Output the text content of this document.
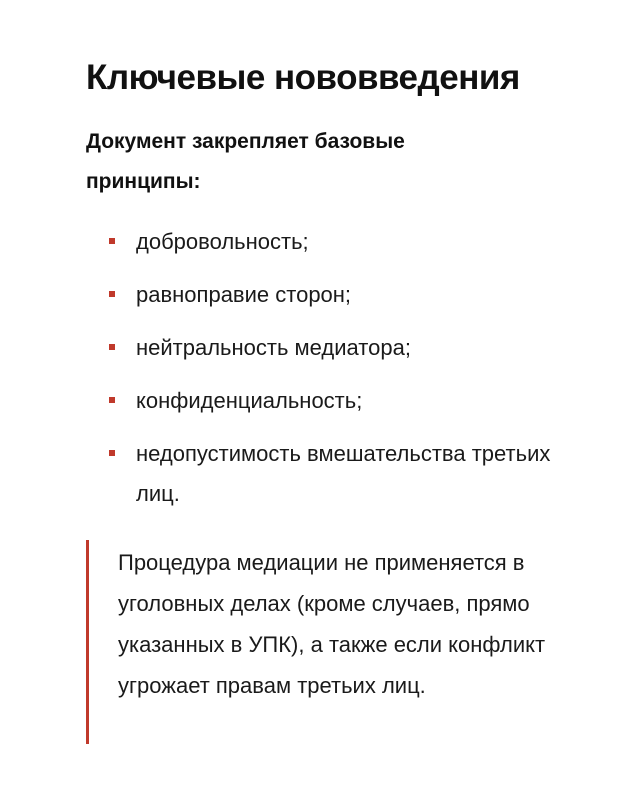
Ключевые нововведения

Документ закрепляет базовые принципы:

добровольность;
равноправие сторон;
нейтральность медиатора;
конфиденциальность;
недопустимость вмешательства третьих лиц.

Процедура медиации не применяется в уголовных делах (кроме случаев, прямо указанных в УПК), а также если конфликт угрожает правам третьих лиц.
